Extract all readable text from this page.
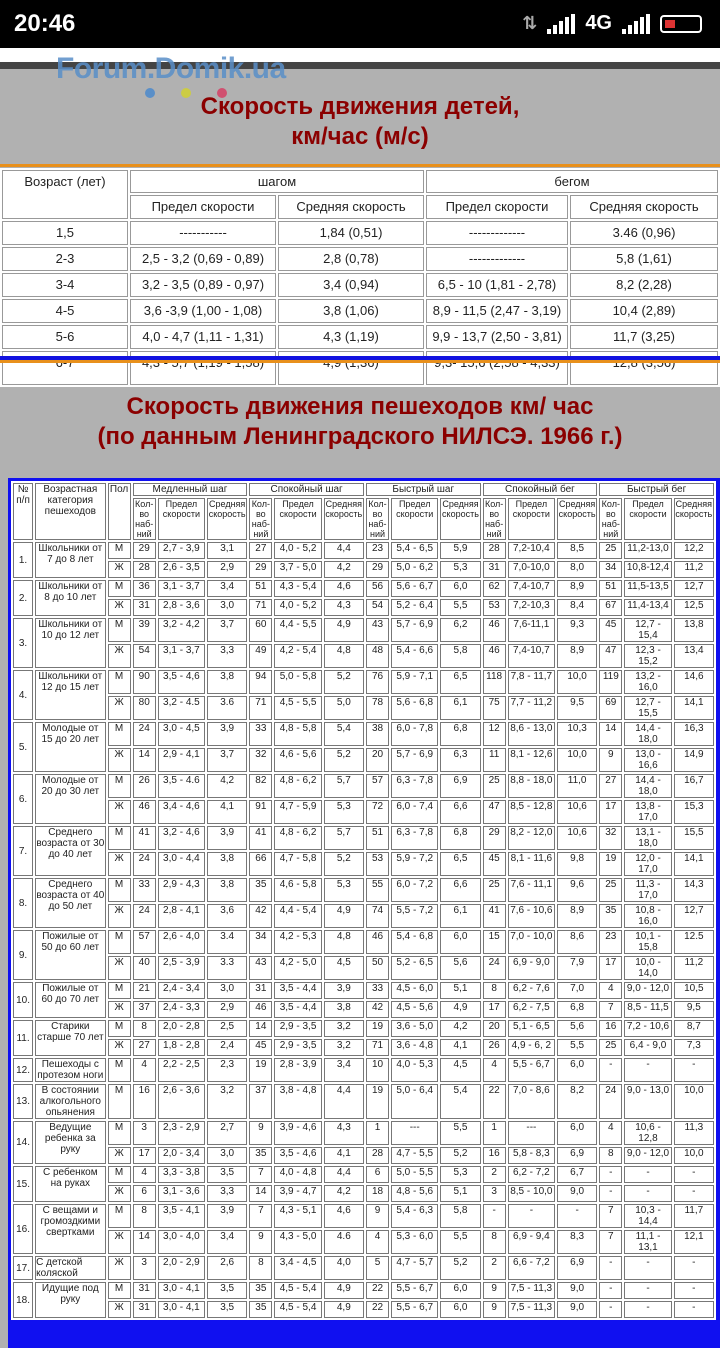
20:46	⇅ 4G
Forum.Domik.ua
Скорость движения детей,
км/час (м/с)
Возраст (лет)	шагом		бегом	
	Предел скорости	Средняя скорость	Предел скорости	Средняя скорость
1,5	-----------	1,84 (0,51)	-------------	3.46 (0,96)
2-3	2,5 - 3,2 (0,69 - 0,89)	2,8 (0,78)	-------------	5,8 (1,61)
3-4	3,2 - 3,5 (0,89 - 0,97)	3,4 (0,94)	6,5 - 10 (1,81 - 2,78)	8,2 (2,28)
4-5	3,6 -3,9 (1,00 - 1,08)	3,8 (1,06)	8,9 - 11,5 (2,47 - 3,19)	10,4 (2,89)
5-6	4,0 - 4,7 (1,11 - 1,31)	4,3 (1,19)	9,9 - 13,7 (2,50 - 3,81)	11,7 (3,25)

Скорость движения пешеходов км/ час
(по данным Ленинградского НИЛСЭ. 1966 г.)
№ п/п	Возрастная категория пешеходов	Пол	Медленный шаг			Спокойный шаг			Быстрый шаг			Спокойный бег			Быстрый бег		
			Кол-во наб-ний	Предел скорости	Средняя скорость	Кол-во наб-ний	Предел скорости	Средняя скорость	Кол-во наб-ний	Предел скорости	Средняя скорость	Кол-во наб-ний	Предел скорости	Средняя скорость	Кол-во наб-ний	Предел скорости	Средняя скорость
1.	Школьники от 7 до 8 лет	М	29	2,7 - 3,9	3,1	27	4,0 - 5,2	4,4	23	5,4 - 6,5	5,9	28	7,2-10,4	8,5	25	11,2-13,0	12,2
		Ж	28	2,6 - 3,5	2,9	29	3,7 - 5,0	4,2	29	5,0 - 6,2	5,3	31	7,0-10,0	8,0	34	10,8-12,4	11,2
2.	Школьники от 8 до 10 лет	М	36	3,1 - 3,7	3,4	51	4,3 - 5,4	4,6	56	5,6 - 6,7	6,0	62	7,4-10,7	8,9	51	11,5-13,5	12,7
		Ж	31	2,8 - 3,6	3,0	71	4,0 - 5,2	4,3	54	5,2 - 6,4	5,5	53	7,2-10,3	8,4	67	11,4-13,4	12,5
3.	Школьники от 10 до 12 лет	М	39	3,2 - 4,2	3,7	60	4,4 - 5,5	4,9	43	5,7 - 6,9	6,2	46	7,6-11,1	9,3	45	12,7 - 15,4	13,8
		Ж	54	3,1 - 3,7	3,3	49	4,2 - 5,4	4,8	48	5,4 - 6,6	5,8	46	7,4-10,7	8,9	47	12,3 - 15,2	13,4
4.	Школьники от 12 до 15 лет	М	90	3,5 - 4,6	3,8	94	5,0 - 5,8	5,2	76	5,9 - 7,1	6,5	118	7,8 - 11,7	10,0	119	13,2 - 16,0	14,6
		Ж	80	3,2 - 4.5	3.6	71	4,5 - 5,5	5,0	78	5,6 - 6,8	6,1	75	7,7 - 11,2	9,5	69	12,7 - 15,5	14,1
5.	Молодые от 15 до 20 лет	М	24	3,0 - 4,5	3,9	33	4,8 - 5,8	5,4	38	6,0 - 7,8	6,8	12	8,6 - 13,0	10,3	14	14,4 - 18,0	16,3
		Ж	14	2,9 - 4,1	3,7	32	4,6 - 5,6	5,2	20	5,7 - 6,9	6,3	11	8,1 - 12,6	10,0	9	13,0 - 16,6	14,9
6.	Молодые от 20 до 30 лет	М	26	3,5 - 4.6	4,2	82	4,8 - 6,2	5,7	57	6,3 - 7,8	6,9	25	8,8 - 18,0	11,0	27	14,4 - 18,0	16,7
		Ж	46	3,4 - 4,6	4,1	91	4,7 - 5,9	5,3	72	6,0 - 7,4	6,6	47	8,5 - 12,8	10,6	17	13,8 - 17,0	15,3
7.	Среднего возраста от 30 до 40 лет	М	41	3,2 - 4,6	3,9	41	4,8 - 6,2	5,7	51	6,3 - 7,8	6,8	29	8,2 - 12,0	10,6	32	13,1 - 18,0	15,5
		Ж	24	3,0 - 4,4	3,8	66	4,7 - 5,8	5,2	53	5,9 - 7,2	6,5	45	8,1 - 11,6	9,8	19	12,0 - 17,0	14,1
8.	Среднего возраста от 40 до 50 лет	М	33	2,9 - 4,3	3,8	35	4,6 - 5,8	5,3	55	6,0 - 7,2	6,6	25	7,6 - 11,1	9,6	25	11,3 - 17,0	14,3
		Ж	24	2,8 - 4,1	3,6	42	4,4 - 5,4	4,9	74	5,5 - 7,2	6,1	41	7,6 - 10,6	8,9	35	10,8 - 16,0	12,7
9.	Пожилые от 50 до 60 лет	М	57	2,6 - 4,0	3.4	34	4,2 - 5,3	4,8	46	5,4 - 6,8	6,0	15	7,0 - 10,0	8,6	23	10,1 - 15,8	12.5
		Ж	40	2,5 - 3,9	3.3	43	4,2 - 5,0	4,5	50	5,2 - 6,5	5,6	24	6,9 - 9,0	7,9	17	10,0 - 14,0	11,2
10.	Пожилые от 60 до 70 лет	М	21	2,4 - 3,4	3,0	31	3,5 - 4,4	3,9	33	4,5 - 6,0	5,1	8	6,2 - 7,6	7,0	4	9,0 - 12,0	10,5
		Ж	37	2,4 - 3,3	2,9	46	3,5 - 4,4	3,8	42	4,5 - 5,6	4,9	17	6,2 - 7,5	6,8	7	8,5 - 11,5	9,5
11.	Старики старше 70 лет	М	8	2,0 - 2,8	2,5	14	2,9 - 3,5	3,2	19	3,6 - 5,0	4,2	20	5,1 - 6,5	5,6	16	7,2 - 10,6	8,7
		Ж	27	1,8 - 2,8	2,4	45	2,9 - 3,5	3,2	71	3,6 - 4,8	4,1	26	4,9 - 6, 2	5,5	25	6,4 - 9,0	7,3
12.	Пешеходы с протезом ноги	М	4	2,2 - 2,5	2,3	19	2,8 - 3,9	3,4	10	4,0 - 5,3	4,5	4	5,5 - 6,7	6,0	-	-	-
13.	В состоянии алкогольного опьянения	М	16	2,6 - 3,6	3,2	37	3,8 - 4,8	4,4	19	5,0 - 6,4	5,4	22	7,0 - 8,6	8,2	24	9,0 - 13,0	10,0
14.	Ведущие ребенка за руку	М	3	2,3 - 2,9	2,7	9	3,9 - 4,6	4,3	1	---	5,5	1	---	6,0	4	10,6 - 12,8	11,3
		Ж	17	2,0 - 3,4	3,0	35	3,5 - 4,6	4,1	28	4,7 - 5,5	5,2	16	5,8 - 8,3	6,9	8	9,0 - 12,0	10,0
15.	С ребенком на руках	М	4	3,3 - 3,8	3,5	7	4,0 - 4,8	4,4	6	5,0 - 5,5	5,3	2	6,2 - 7,2	6,7	-	-	-
		Ж	6	3,1 - 3,6	3,3	14	3,9 - 4,7	4,2	18	4,8 - 5,6	5,1	3	8,5 - 10,0	9,0	-	-	-
16.	С вещами и громоздкими свертками	М	8	3,5 - 4,1	3,9	7	4,3 - 5,1	4,6	9	5,4 - 6,3	5,8	-	-	-	7	10,3 - 14,4	11,7
		Ж	14	3,0 - 4,0	3,4	9	4,3 - 5,0	4.6	4	5,3 - 6,0	5,5	8	6,9 - 9,4	8,3	7	11,1 - 13,1	12,1
17.	С детской коляской	Ж	3	2,0 - 2,9	2,6	8	3,4 - 4,5	4,0	5	4,7 - 5,7	5,2	2	6,6 - 7,2	6,9	-	-	-
18.	Идущие под руку	М	31	3,0 - 4,1	3,5	35	4,5 - 5,4	4,9	22	5,5 - 6,7	6,0	9	7,5 - 11,3	9,0	-	-	-
		Ж	31	3,0 - 4,1	3,5	35	4,5 - 5,4	4,9	22	5,5 - 6,7	6,0	9	7,5 - 11,3	9,0	-	-	-
